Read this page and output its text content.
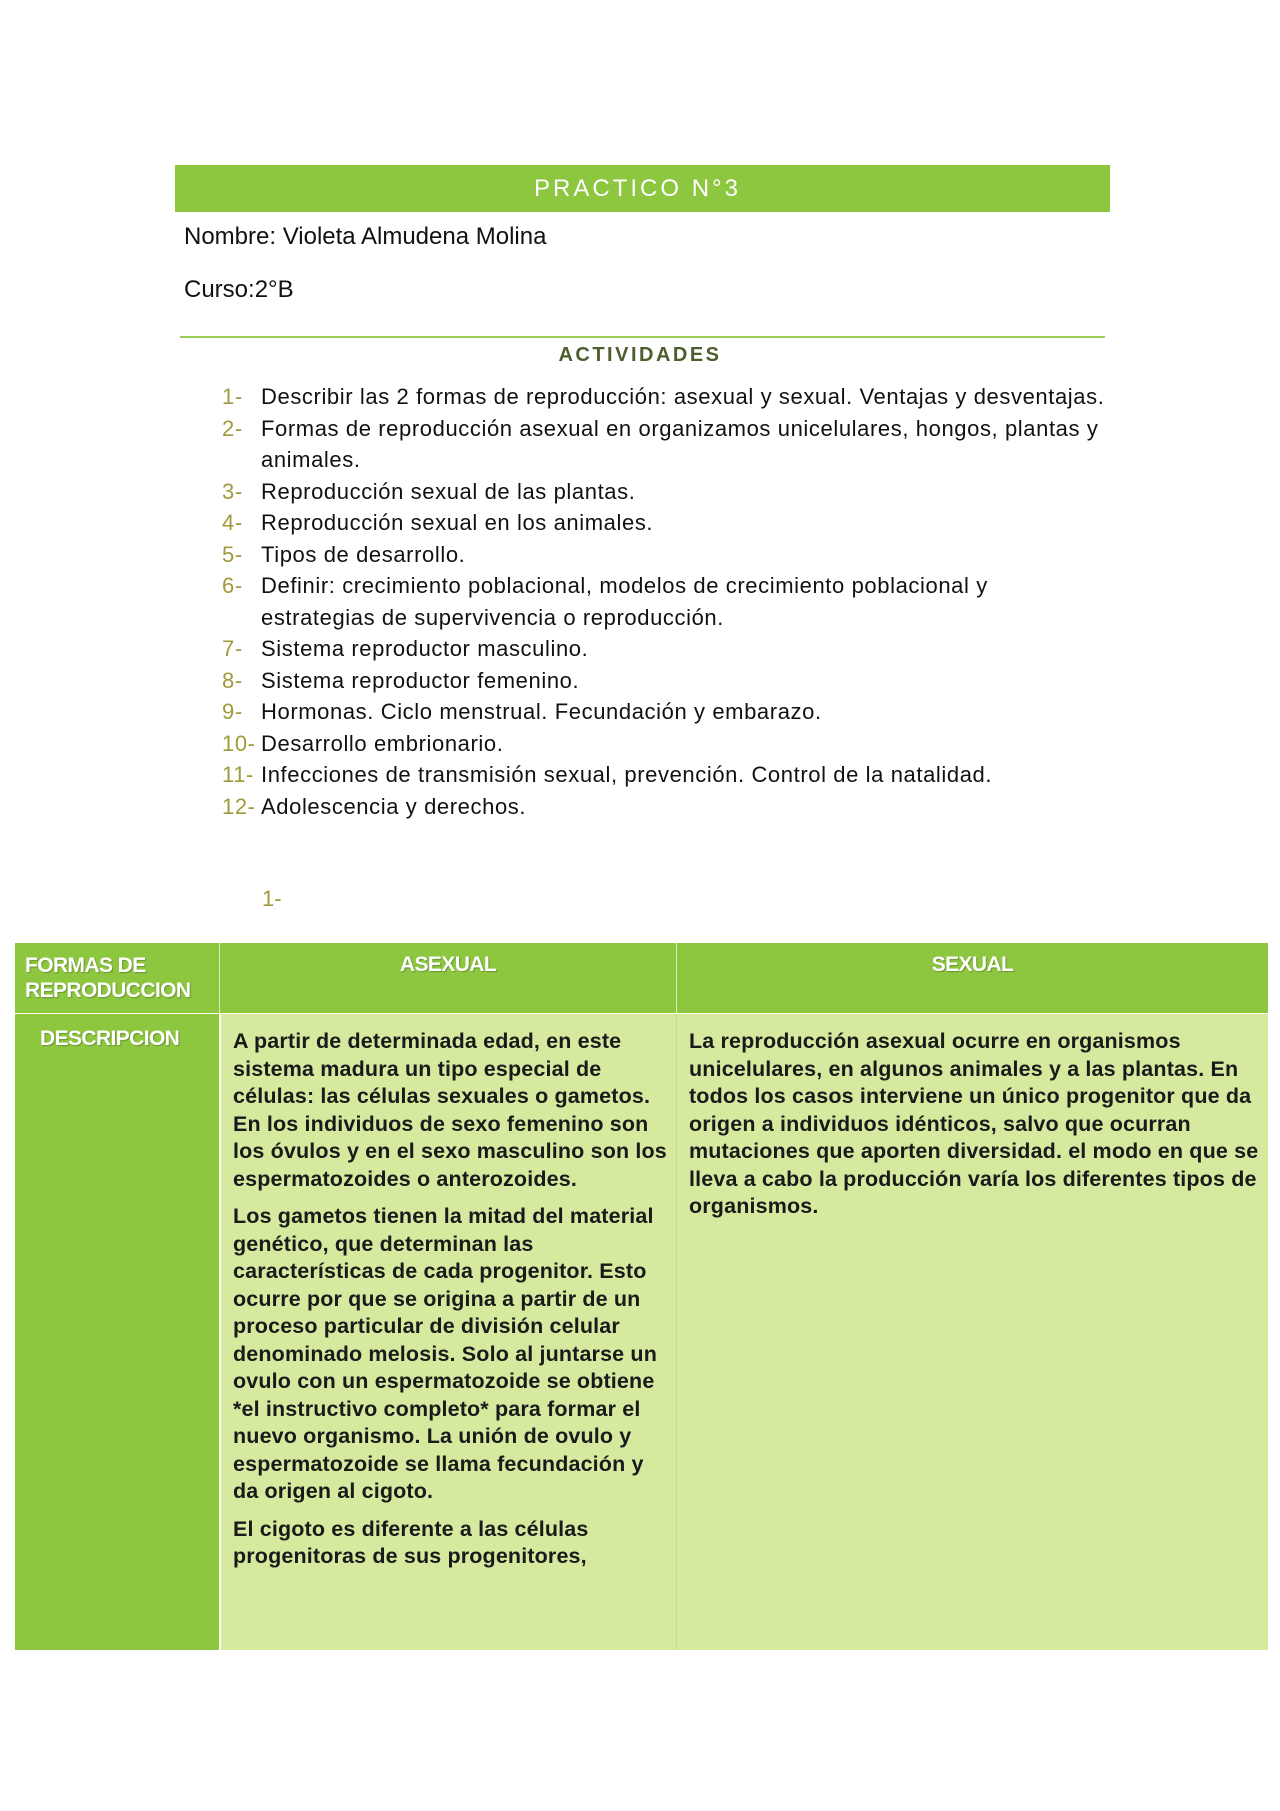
PRACTICO N°3
Nombre: Violeta Almudena Molina
Curso:2°B
ACTIVIDADES
1- Describir las 2 formas de reproducción: asexual y sexual. Ventajas y desventajas.
2- Formas de reproducción asexual en organizamos unicelulares, hongos, plantas y animales.
3- Reproducción sexual de las plantas.
4- Reproducción sexual en los animales.
5- Tipos de desarrollo.
6- Definir: crecimiento poblacional, modelos de crecimiento poblacional y estrategias de supervivencia o reproducción.
7- Sistema reproductor masculino.
8- Sistema reproductor femenino.
9- Hormonas. Ciclo menstrual. Fecundación y embarazo.
10- Desarrollo embrionario.
11- Infecciones de transmisión sexual, prevención. Control de la natalidad.
12- Adolescencia y derechos.
1-
FORMAS DE
REPRODUCCION
ASEXUAL	SEXUAL
DESCRIPCION A partir de determinada edad, en este sistema madura un tipo especial de células: las células sexuales o gametos. En los individuos de sexo femenino son los óvulos y en el sexo masculino son los espermatozoides o anterozoides.

Los gametos tienen la mitad del material genético, que determinan las características de cada progenitor. Esto ocurre por que se origina a partir de un proceso particular de división celular denominado melosis. Solo al juntarse un ovulo con un espermatozoide se obtiene *el instructivo completo* para formar el nuevo organismo. La unión de ovulo y espermatozoide se llama fecundación y da origen al cigoto.

El cigoto es diferente a las células progenitoras de sus progenitores,

La reproducción asexual ocurre en organismos unicelulares, en algunos animales y a las plantas. En todos los casos interviene un único progenitor que da origen a individuos idénticos, salvo que ocurran mutaciones que aporten diversidad. el modo en que se lleva a cabo la producción varía los diferentes tipos de organismos.
